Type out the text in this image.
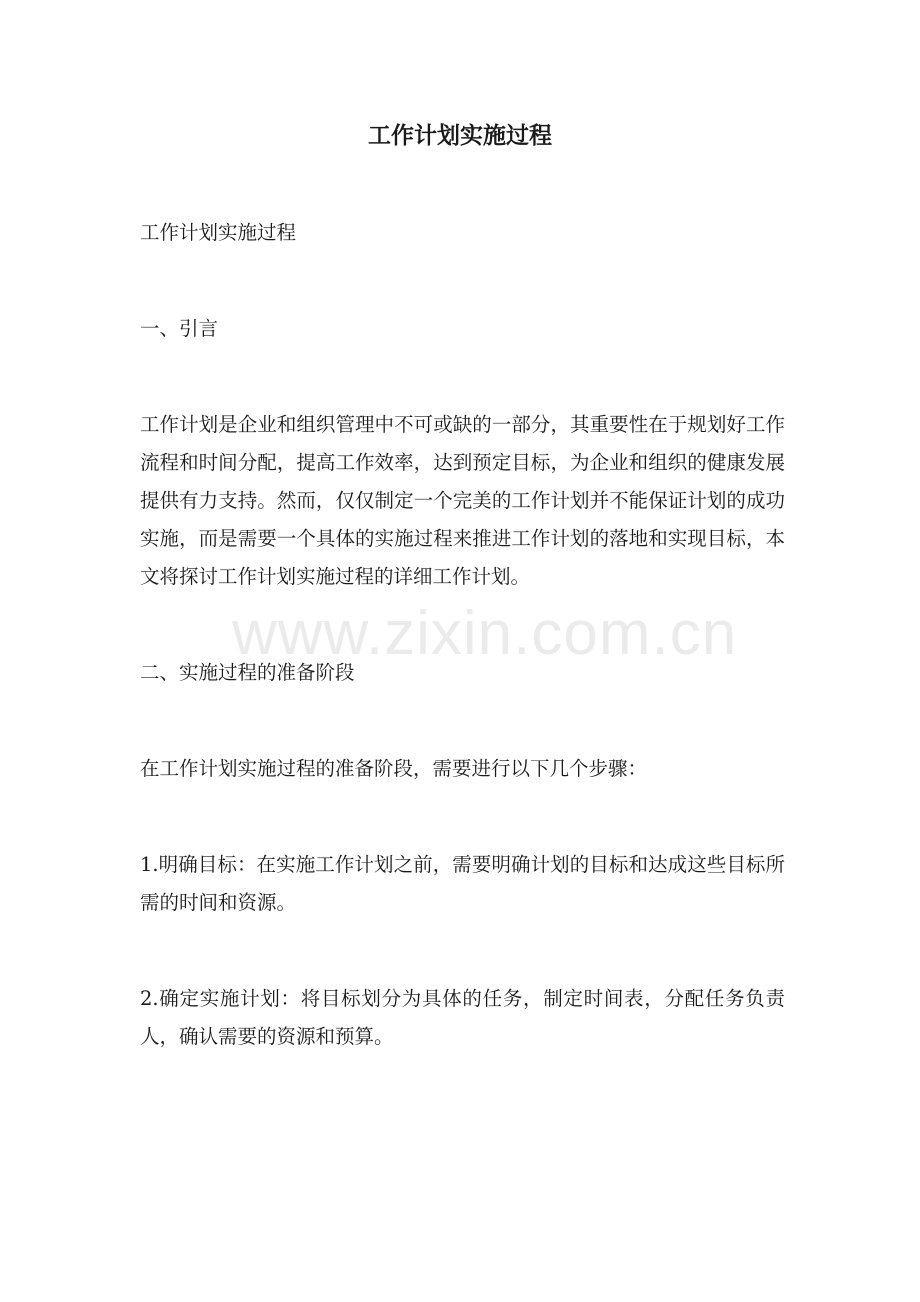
工作计划实施过程

工作计划实施过程

一、引言

工作计划是企业和组织管理中不可或缺的一部分，其重要性在于规划好工作流程和时间分配，提高工作效率，达到预定目标，为企业和组织的健康发展提供有力支持。然而，仅仅制定一个完美的工作计划并不能保证计划的成功实施，而是需要一个具体的实施过程来推进工作计划的落地和实现目标，本文将探讨工作计划实施过程的详细工作计划。

二、实施过程的准备阶段

在工作计划实施过程的准备阶段，需要进行以下几个步骤：

1.明确目标：在实施工作计划之前，需要明确计划的目标和达成这些目标所需的时间和资源。

2.确定实施计划：将目标划分为具体的任务，制定时间表，分配任务负责人，确认需要的资源和预算。

www.zixin.com.cn
